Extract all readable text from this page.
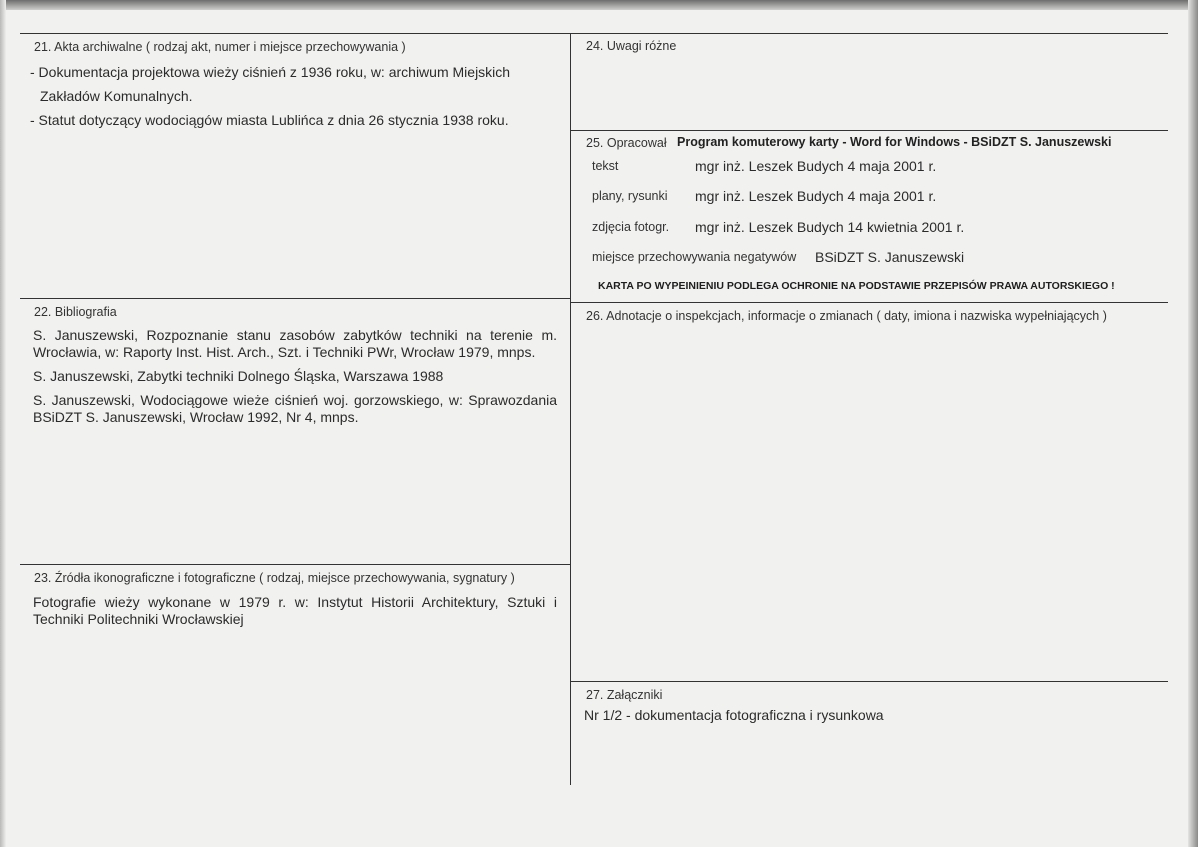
21. Akta archiwalne ( rodzaj akt, numer i miejsce przechowywania )
- Dokumentacja projektowa wieży ciśnień z 1936 roku, w: archiwum Miejskich
Zakładów Komunalnych.
- Statut dotyczący wodociągów miasta Lublińca z dnia 26 stycznia 1938 roku.
22. Bibliografia
S. Januszewski, Rozpoznanie stanu zasobów zabytków techniki na terenie m. Wrocławia, w: Raporty Inst. Hist. Arch., Szt. i Techniki PWr, Wrocław 1979, mnps.
S. Januszewski, Zabytki techniki Dolnego Śląska, Warszawa 1988
S. Januszewski, Wodociągowe wieże ciśnień woj. gorzowskiego, w: Sprawozdania BSiDZT S. Januszewski, Wrocław 1992, Nr 4, mnps.
23. Źródła ikonograficzne i fotograficzne ( rodzaj, miejsce przechowywania, sygnatury )
Fotografie wieży wykonane w 1979 r. w: Instytut Historii Architektury, Sztuki i Techniki Politechniki Wrocławskiej
24. Uwagi różne
25. Opracował Program komuterowy karty - Word for Windows - BSiDZT S. Januszewski
tekst	mgr inż. Leszek Budych 4 maja 2001 r.
plany, rysunki mgr inż. Leszek Budych 4 maja 2001 r.
zdjęcia fotogr. mgr inż. Leszek Budych 14 kwietnia 2001 r.
miejsce przechowywania negatywów BSiDZT S. Januszewski
KARTA PO WYPEINIENIU PODLEGA OCHRONIE NA PODSTAWIE PRZEPISÓW PRAWA AUTORSKIEGO !
26. Adnotacje o inspekcjach, informacje o zmianach ( daty, imiona i nazwiska wypełniających )
27. Załączniki
Nr 1/2 - dokumentacja fotograficzna i rysunkowa
